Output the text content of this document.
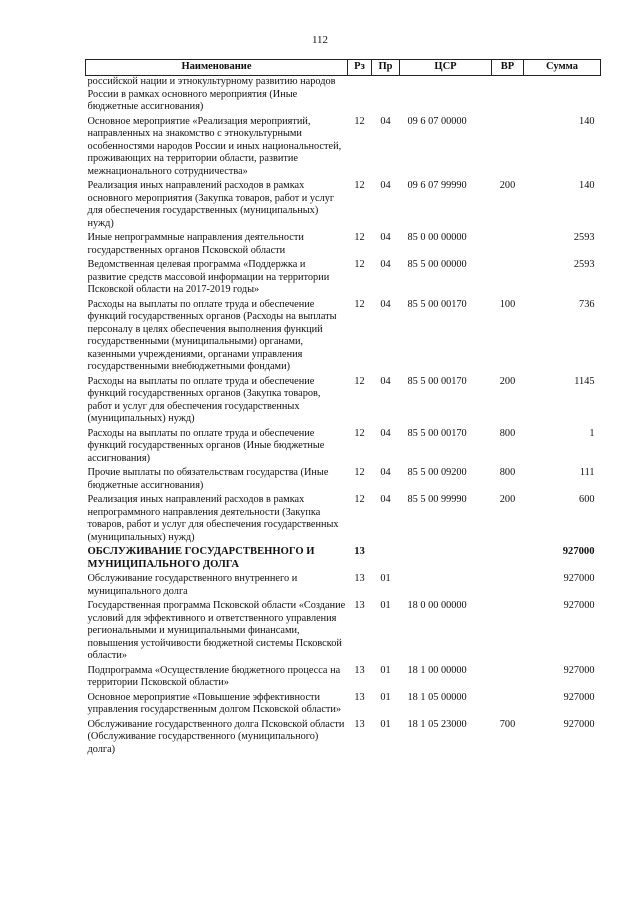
112
Наименование	Рз	Пр	ЦСР	ВР	Сумма
российской нации и этнокультурному развитию народов России в рамках основного мероприятия (Иные бюджетные ассигнования)					
Основное мероприятие «Реализация мероприятий, направленных на знакомство с этнокультурными особенностями народов России и иных национальностей, проживающих на территории области, развитие межнационального сотрудничества»	12	04	09 6 07 00000		140
Реализация иных направлений расходов в рамках основного мероприятия (Закупка товаров, работ и услуг для обеспечения государственных (муниципальных) нужд)	12	04	09 6 07 99990	200	140
Иные непрограммные направления деятельности государственных органов Псковской области	12	04	85 0 00 00000		2593
Ведомственная целевая программа «Поддержка и развитие средств массовой информации на территории Псковской области на 2017-2019 годы»	12	04	85 5 00 00000		2593
Расходы на выплаты по оплате труда и обеспечение функций государственных органов (Расходы на выплаты персоналу в целях обеспечения выполнения функций государственными (муниципальными) органами, казенными учреждениями, органами управления государственными внебюджетными фондами)	12	04	85 5 00 00170	100	736
Расходы на выплаты по оплате труда и обеспечение функций государственных органов (Закупка товаров, работ и услуг для обеспечения государственных (муниципальных) нужд)	12	04	85 5 00 00170	200	1145
Расходы на выплаты по оплате труда и обеспечение функций государственных органов (Иные бюджетные ассигнования)	12	04	85 5 00 00170	800	1
Прочие выплаты по обязательствам государства (Иные бюджетные ассигнования)	12	04	85 5 00 09200	800	111
Реализация иных направлений расходов в рамках непрограммного направления деятельности (Закупка товаров, работ и услуг для обеспечения государственных (муниципальных) нужд)	12	04	85 5 00 99990	200	600
ОБСЛУЖИВАНИЕ ГОСУДАРСТВЕННОГО И МУНИЦИПАЛЬНОГО ДОЛГА	13				927000
Обслуживание государственного внутреннего и муниципального долга	13	01			927000
Государственная программа Псковской области «Создание условий для эффективного и ответственного управления региональными и муниципальными финансами, повышения устойчивости бюджетной системы Псковской области»	13	01	18 0 00 00000		927000
Подпрограмма «Осуществление бюджетного процесса на территории Псковской области»	13	01	18 1 00 00000		927000
Основное мероприятие «Повышение эффективности управления государственным долгом Псковской области»	13	01	18 1 05 00000		927000
Обслуживание государственного долга Псковской области (Обслуживание государственного (муниципального) долга)	13	01	18 1 05 23000	700	927000
